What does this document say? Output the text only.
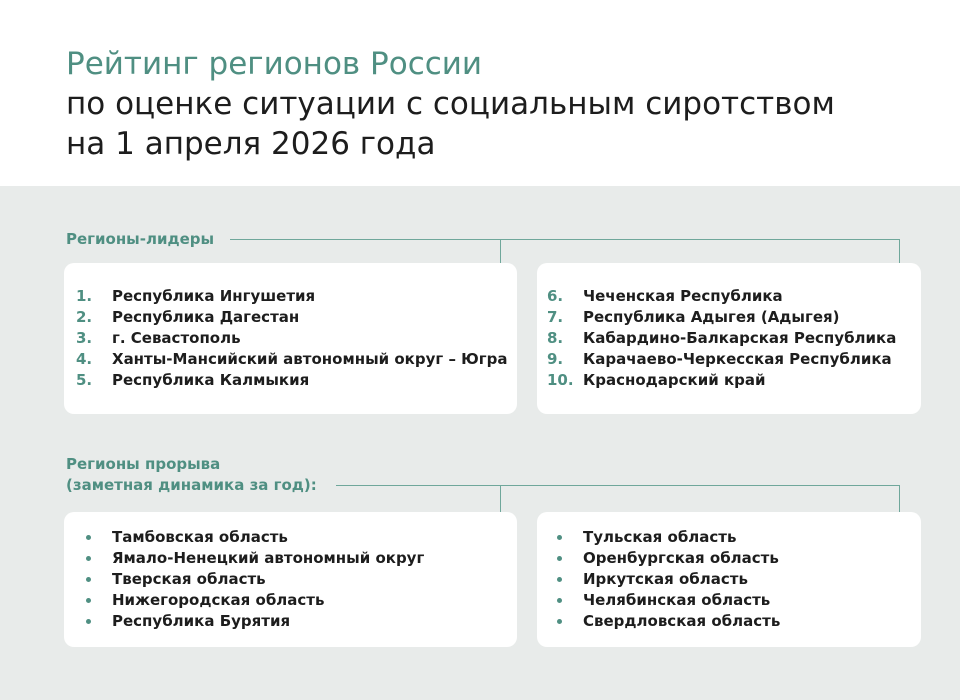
Рейтинг регионов России
по оценке ситуации с социальным сиротством
на 1 апреля 2026 года
Регионы-лидеры
1.	Республика Ингушетия
2.	Республика Дагестан
3.	г. Севастополь
4.	Ханты-Мансийский автономный округ – Югра
5.	Республика Калмыкия
6.	Чеченская Республика
7.	Республика Адыгея (Адыгея)
8.	Кабардино-Балкарская Республика
9.	Карачаево-Черкесская Республика
10. Краснодарский край
Регионы прорыва
(заметная динамика за год):
Тамбовская область
Ямало-Ненецкий автономный округ
Тверская область
Нижегородская область
Республика Бурятия
Тульская область
Оренбургская область
Иркутская область
Челябинская область
Свердловская область
